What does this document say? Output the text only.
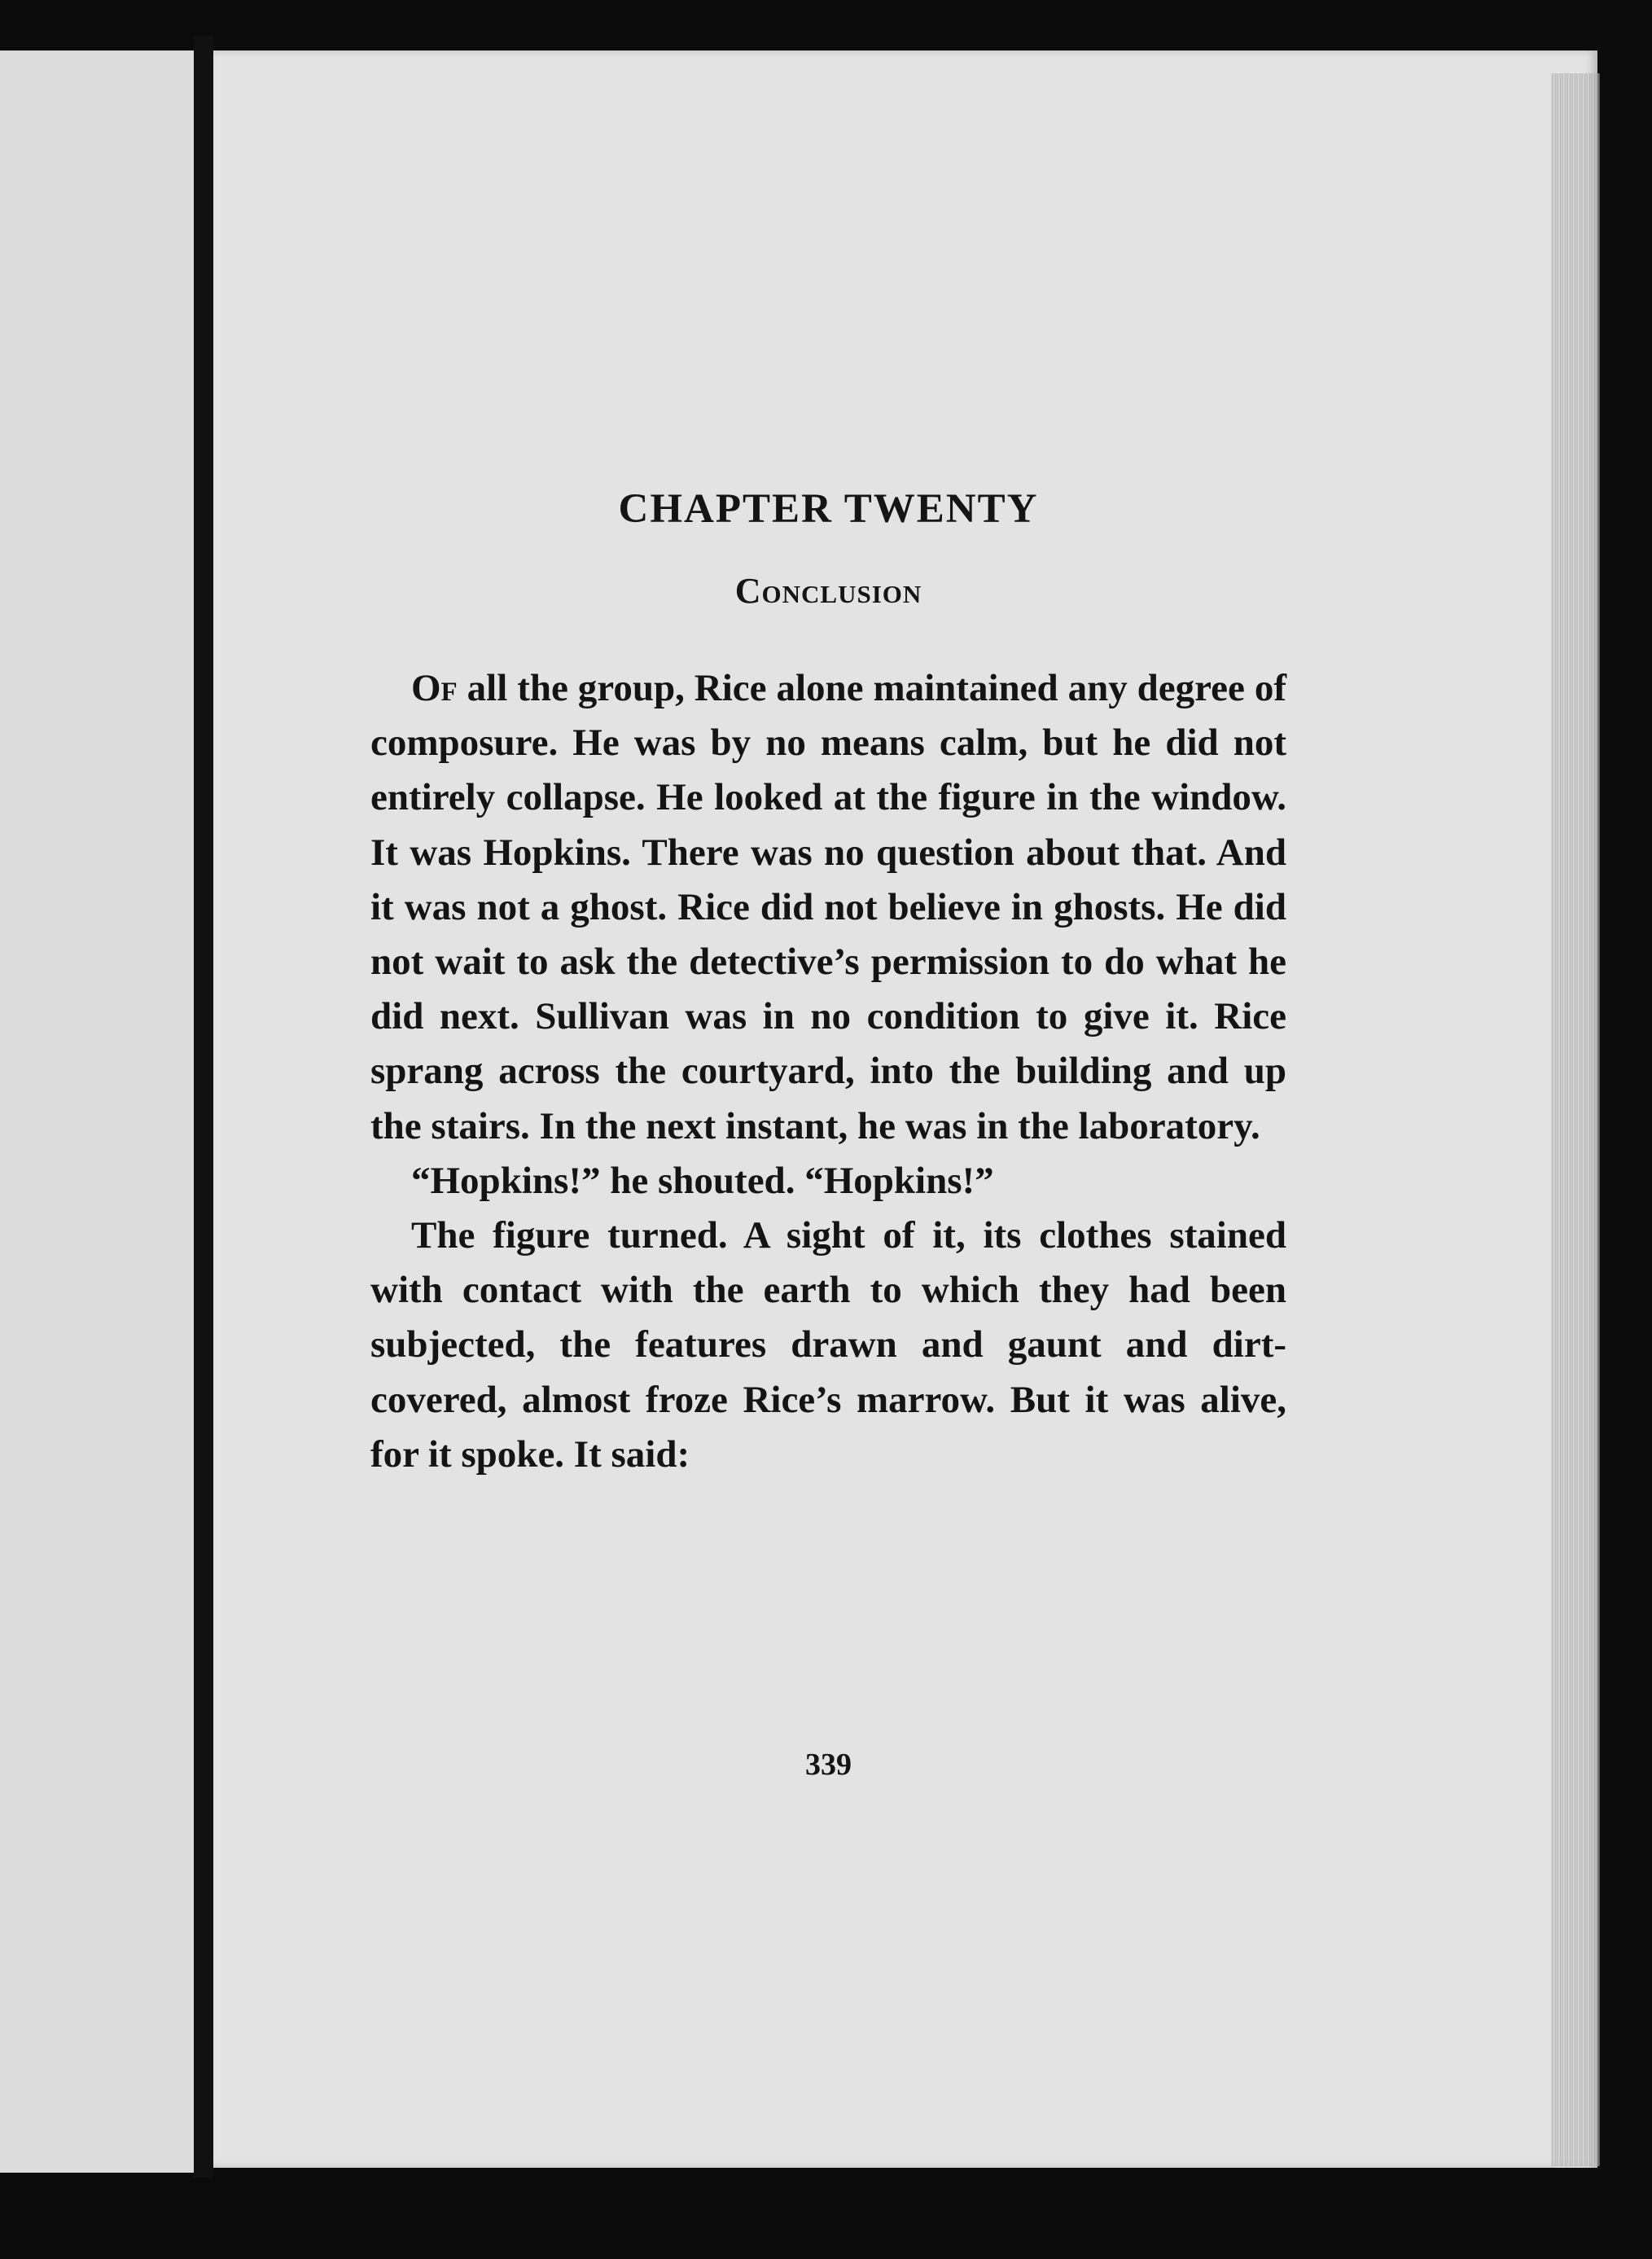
CHAPTER TWENTY
Conclusion

Of all the group, Rice alone maintained any degree of composure. He was by no means calm, but he did not entirely collapse. He looked at the figure in the window. It was Hopkins. There was no question about that. And it was not a ghost. Rice did not believe in ghosts. He did not wait to ask the detective’s permission to do what he did next. Sullivan was in no condition to give it. Rice sprang across the courtyard, into the building and up the stairs. In the next instant, he was in the laboratory.

“Hopkins!” he shouted. “Hopkins!”

The figure turned. A sight of it, its clothes stained with contact with the earth to which they had been subjected, the features drawn and gaunt and dirt-covered, almost froze Rice’s marrow. But it was alive, for it spoke. It said:

339
